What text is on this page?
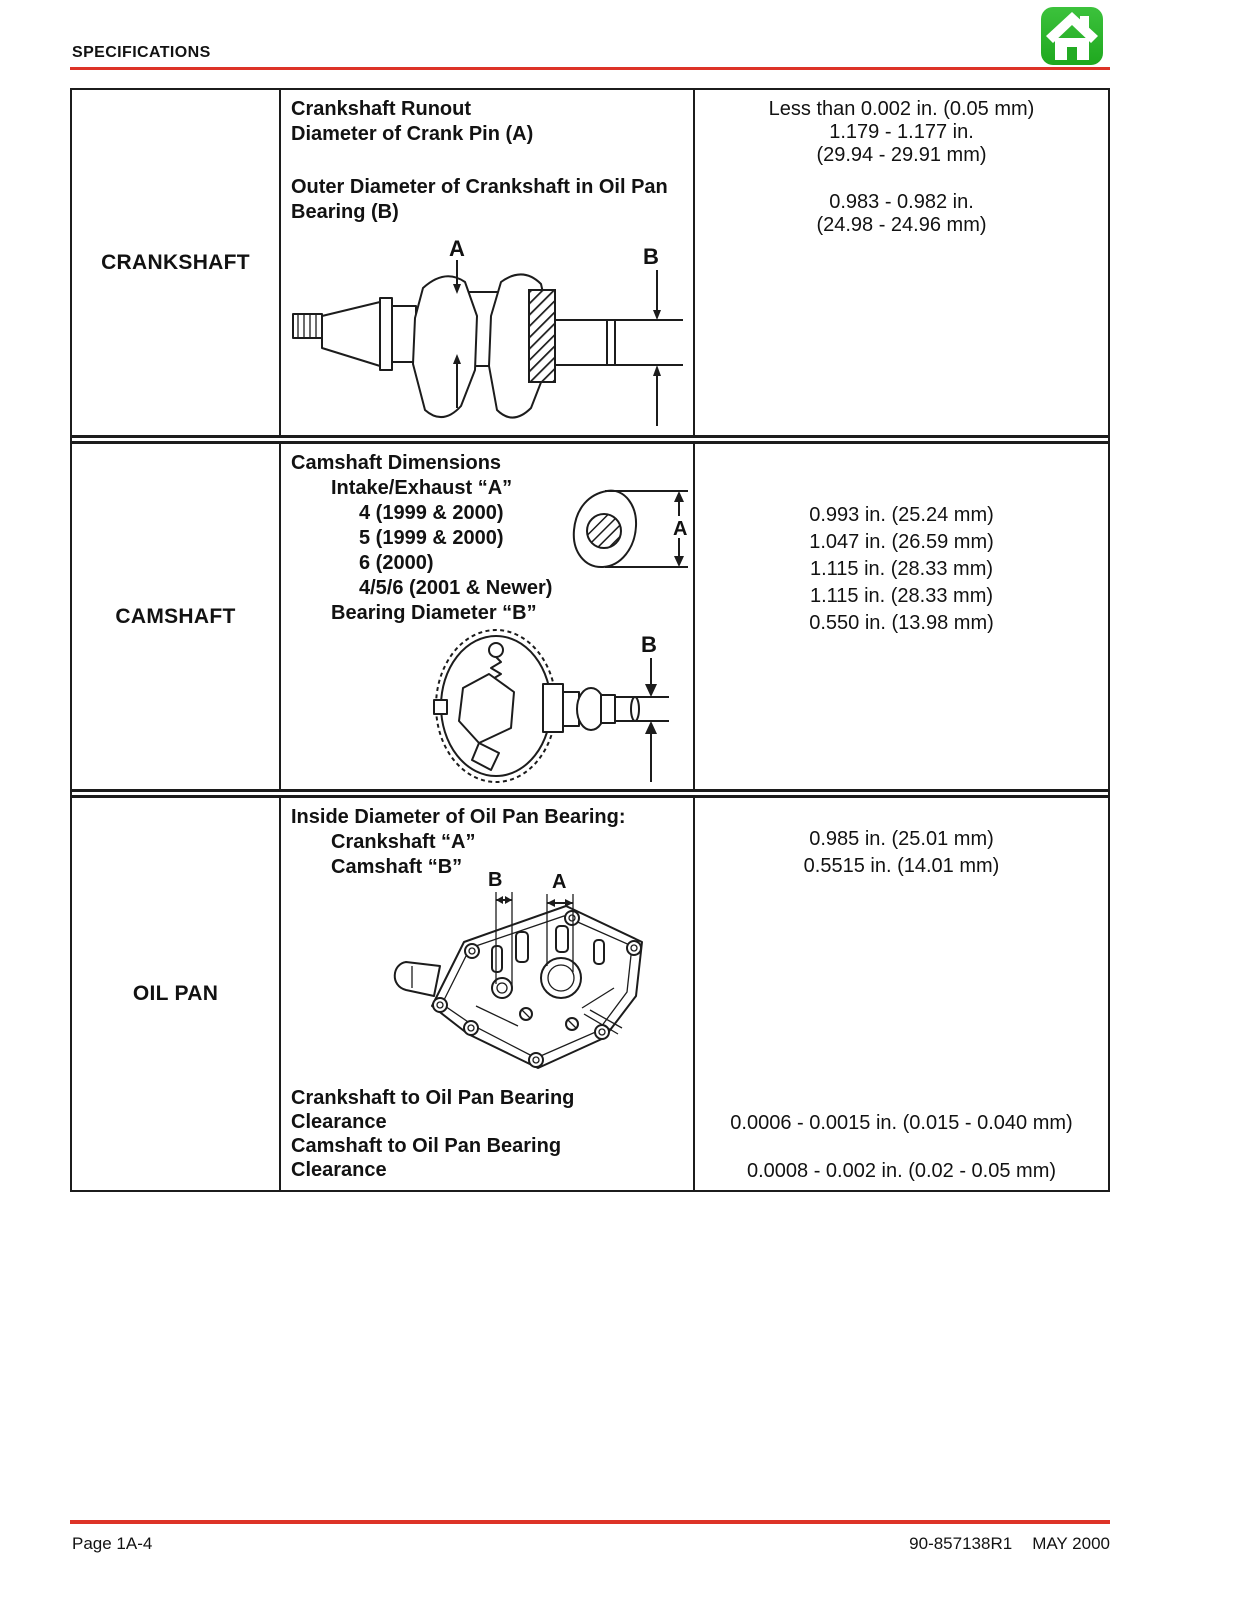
SPECIFICATIONS
CRANKSHAFT
Crankshaft Runout
Diameter of Crank Pin (A)
Outer Diameter of Crankshaft in Oil Pan Bearing (B)
A	B
Less than 0.002 in. (0.05 mm)
1.179 - 1.177 in.
(29.94 - 29.91 mm)
0.983 - 0.982 in.
(24.98 - 24.96 mm)
CAMSHAFT
Camshaft Dimensions
Intake/Exhaust “A”
4 (1999 & 2000)
5 (1999 & 2000)
6 (2000)
4/5/6 (2001 & Newer)
Bearing Diameter “B”
A
B
0.993 in. (25.24 mm)
1.047 in. (26.59 mm)
1.115 in. (28.33 mm)
1.115 in. (28.33 mm)
0.550 in. (13.98 mm)
OIL PAN
Inside Diameter of Oil Pan Bearing:
Crankshaft “A”
Camshaft “B”
B A
Crankshaft to Oil Pan Bearing
Clearance
Camshaft to Oil Pan Bearing
Clearance
0.985 in. (25.01 mm)
0.5515 in. (14.01 mm)
0.0006 - 0.0015 in. (0.015 - 0.040 mm)
0.0008 - 0.002 in. (0.02 - 0.05 mm)
Page 1A-4	90-857138R1 MAY 2000
